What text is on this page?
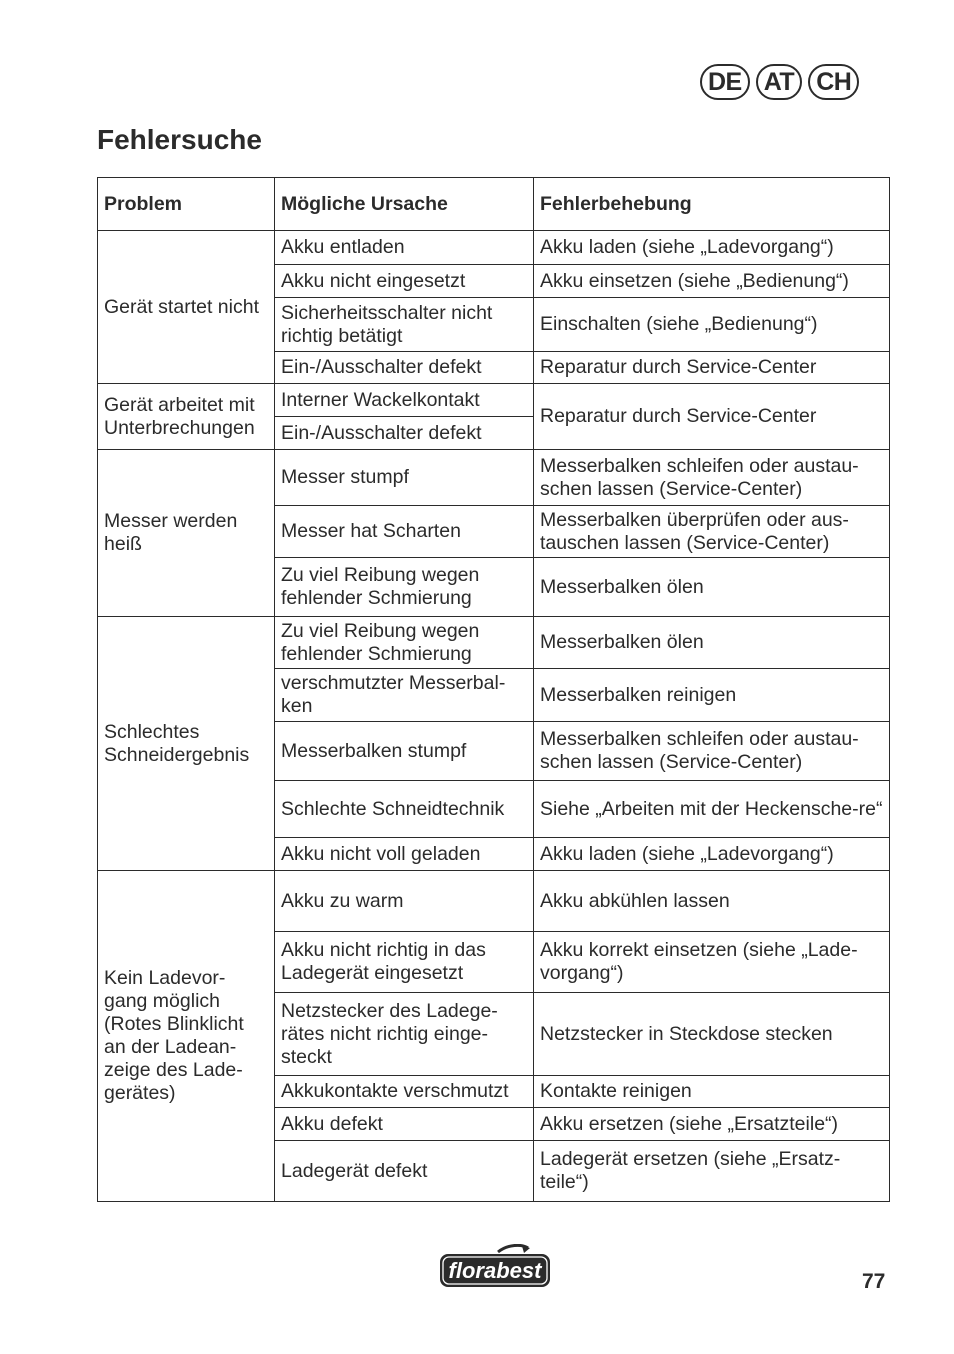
DE AT CH
Fehlersuche
Problem	Mögliche Ursache	Fehlerbehebung
Gerät startet nicht	Akku entladen	Akku laden (siehe „Ladevorgang“)
	Akku nicht eingesetzt	Akku einsetzen (siehe „Bedienung“)
	Sicherheitsschalter nicht richtig betätigt	Einschalten (siehe „Bedienung“)
	Ein-/Ausschalter defekt	Reparatur durch Service-Center
Gerät arbeitet mit Unterbrechungen	Interner Wackelkontakt	Reparatur durch Service-Center
	Ein-/Ausschalter defekt	
Messer werden heiß	Messer stumpf	Messerbalken schleifen oder austau-schen lassen (Service-Center)
	Messer hat Scharten	Messerbalken überprüfen oder aus-tauschen lassen (Service-Center)
	Zu viel Reibung wegen fehlender Schmierung	Messerbalken ölen
Schlechtes Schneidergebnis	Zu viel Reibung wegen fehlender Schmierung	Messerbalken ölen
	verschmutzter Messerbal-ken	Messerbalken reinigen
	Messerbalken stumpf	Messerbalken schleifen oder austau-schen lassen (Service-Center)
	Schlechte Schneidtechnik	Siehe „Arbeiten mit der Heckensche-re“
	Akku nicht voll geladen	Akku laden (siehe „Ladevorgang“)
Kein Ladevor-gang möglich (Rotes Blinklicht an der Ladean-zeige des Lade-gerätes)	Akku zu warm	Akku abkühlen lassen
	Akku nicht richtig in das Ladegerät eingesetzt	Akku korrekt einsetzen (siehe „Lade-vorgang“)
	Netzstecker des Ladege-rätes nicht richtig einge-steckt	Netzstecker in Steckdose stecken
	Akkukontakte verschmutzt	Kontakte reinigen
	Akku defekt	Akku ersetzen (siehe „Ersatzteile“)
	Ladegerät defekt	Ladegerät ersetzen (siehe „Ersatz-teile“)
florabest	77
